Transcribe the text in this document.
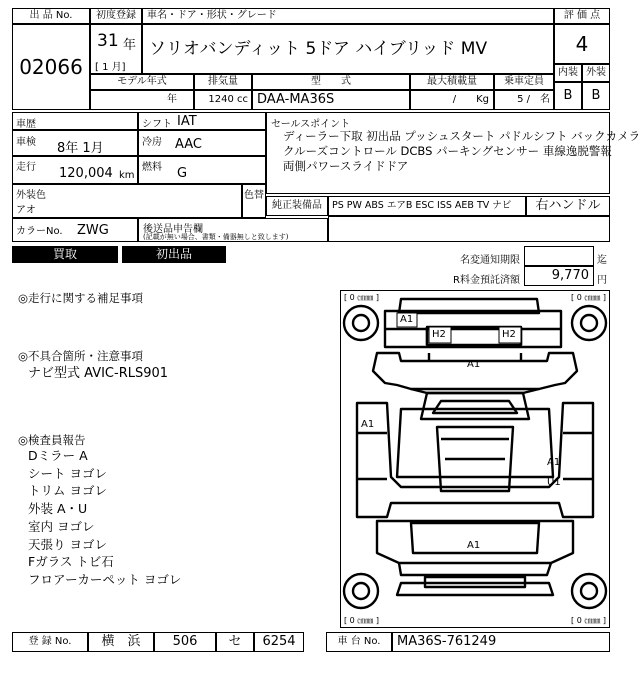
出 品 No.
02066
初度登録
31 年
[ 1 月]
車名・ドア・形状・グレード
ソリオバンディット 5ドア ハイブリッド MV
評 価 点
4
内装 外装
B	B
モデル年式	排気量	型　　式	最大積載量	乗車定員
年	1240 cc DAA-MA36S	/　　Kg	5 /　名
車歴	シフト IAT
車検 8年 1月	冷房 AAC
走行 120,004 km
燃料 G
外装色
アオ
色替
カラーNo. ZWG	後送品申告欄
(記載が無い場合、書類・備器無しと致します)
セールスポイント
ディーラー下取 初出品 プッシュスタート パドルシフト バックカメラ
クルーズコントロール DCBS パーキングセンサー 車線逸脱警報
両側パワースライドドア
純正装備品	PS PW ABS エアB ESC ISS AEB TV ナビ	右ハンドル
買取	初出品	名変通知期限	迄
R料金預託済額	9,770 円
◎走行に関する補足事項
◎不具合箇所・注意事項
ナビ型式 AVIC-RLS901
◎検査員報告
Dミラー A
シート ヨゴレ
トリム ヨゴレ
外装 A・U
室内 ヨゴレ
天張り ヨゴレ
Fガラス トビ石
フロアーカーペット ヨゴレ
[ 0 ㎝㎜ ]	[ 0 ㎝㎜ ]
[ 0 ㎝㎜ ]	[ 0 ㎝㎜ ]
A1
H2	H2
A1
A1
A1
U1
A1
登 録 No.	横　浜	506	セ	6254	車 台 No.	MA36S-761249
